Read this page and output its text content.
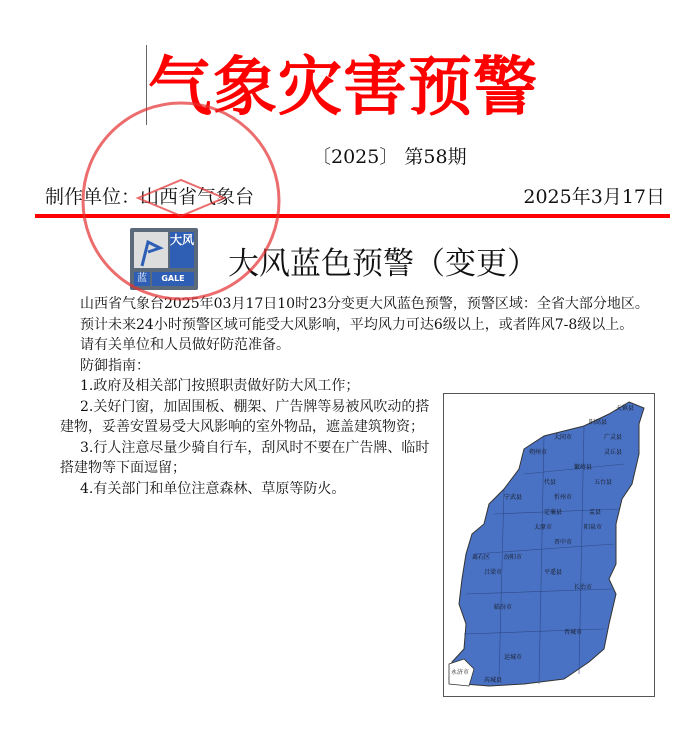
气象灾害预警
〔2025〕 第58期
制作单位：山西省气象台	2025年3月17日
大风
蓝	GALE	大风蓝色预警（变更）

山西省气象台2025年03月17日10时23分变更大风蓝色预警，预警区域：全省大部分地区。

预计未来24小时预警区域可能受大风影响，平均风力可达6级以上，或者阵风7-8级以上。

请有关单位和人员做好防范准备。

防御指南：

1.政府及相关部门按照职责做好防大风工作；

2.关好门窗，加固围板、棚架、广告牌等易被风吹动的搭建物，妥善安置易受大风影响的室外物品，遮盖建筑物资；

3.行人注意尽量少骑自行车，刮风时不要在广告牌、临时搭建物等下面逗留；

4.有关部门和单位注意森林、草原等防火。

天镇县
阳高县
大同市	广灵县
灵丘县
朔州市
代县	五台县
繁峙县
宁武县	忻州市
定襄县	盂县
阳泉市
太原市
晋中市
平遥县
汾阳市
离石区
吕梁市
临汾市
长治市
晋城市
运城市
永济市
芮城县
